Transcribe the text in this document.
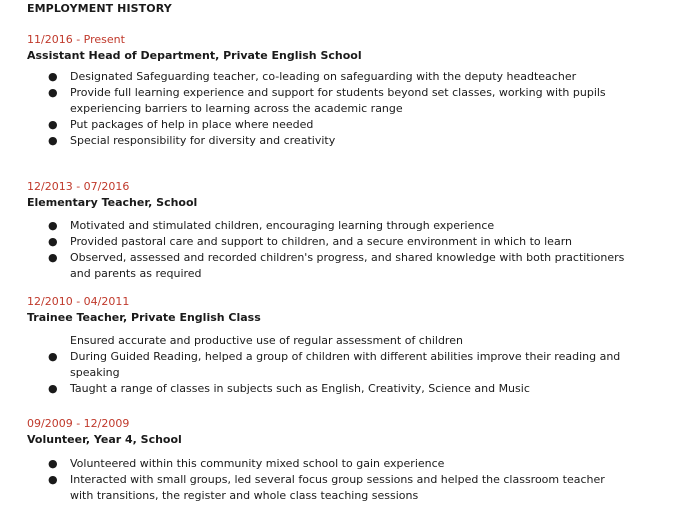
EMPLOYMENT HISTORY
11/2016 - Present
Assistant Head of Department, Private English School
● Designated Safeguarding teacher, co-leading on safeguarding with the deputy headteacher
● Provide full learning experience and support for students beyond set classes, working with pupils experiencing barriers to learning across the academic range
● Put packages of help in place where needed
● Special responsibility for diversity and creativity
12/2013 - 07/2016
Elementary Teacher, School
● Motivated and stimulated children, encouraging learning through experience
● Provided pastoral care and support to children, and a secure environment in which to learn
● Observed, assessed and recorded children's progress, and shared knowledge with both practitioners and parents as required
12/2010 - 04/2011
Trainee Teacher, Private English Class
Ensured accurate and productive use of regular assessment of children
● During Guided Reading, helped a group of children with different abilities improve their reading and speaking
● Taught a range of classes in subjects such as English, Creativity, Science and Music
09/2009 - 12/2009
Volunteer, Year 4, School
● Volunteered within this community mixed school to gain experience
● Interacted with small groups, led several focus group sessions and helped the classroom teacher with transitions, the register and whole class teaching sessions
